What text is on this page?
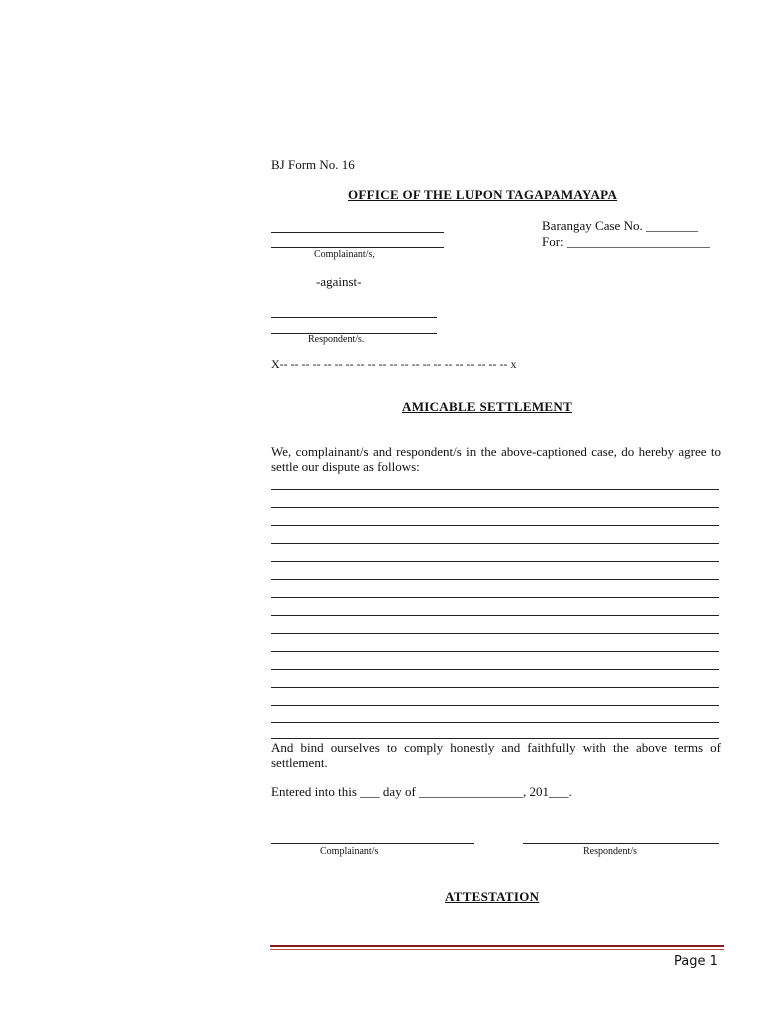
BJ Form No. 16
OFFICE OF THE LUPON TAGAPAMAYAPA
Complainant/s,
Barangay Case No. ________
For: ______________________
-against-
Respondent/s.
X-- -- -- -- -- -- -- -- -- -- -- -- -- -- -- -- -- -- -- -- -- x
AMICABLE SETTLEMENT
We, complainant/s and respondent/s in the above-captioned case, do hereby agree to settle our dispute as follows:
And bind ourselves to comply honestly and faithfully with the above terms of settlement.
Entered into this ___ day of ________________, 201___.
Complainant/s	Respondent/s
ATTESTATION
Page 1
